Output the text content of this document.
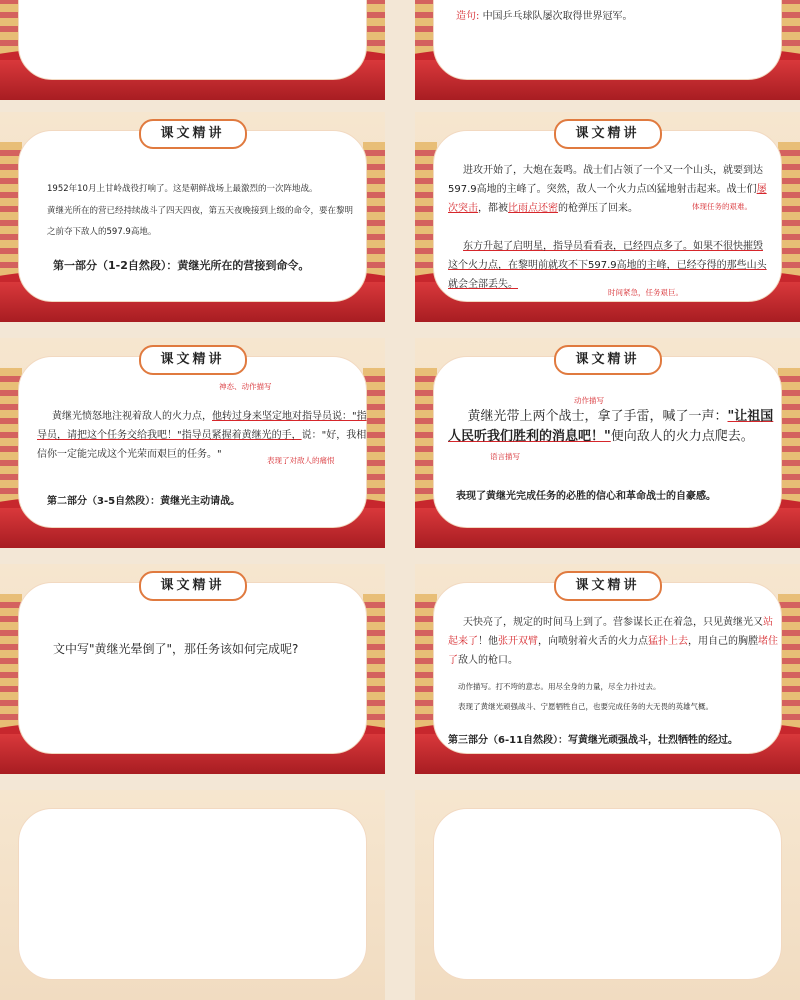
造句: 中国乒乓球队屡次取得世界冠军。
课文精讲
1952年10月上甘岭战役打响了。这是朝鲜战场上最激烈的一次阵地战。
黄继光所在的营已经持续战斗了四天四夜，第五天夜晚接到上级的命令，要在黎明之前夺下敌人的597.9高地。
第一部分（1-2自然段）：黄继光所在的营接到命令。
课文精讲
进攻开始了，大炮在轰鸣。战士们占领了一个又一个山头，就要到达597.9高地的主峰了。突然，敌人一个火力点凶猛地射击起来。战士们屡次突击，都被比雨点还密的枪弹压了回来。
东方升起了启明星，指导员看看表，已经四点多了。如果不很快摧毁这个火力点，在黎明前就攻不下597.9高地的主峰，已经夺得的那些山头就会全部丢失。
体现任务的艰难。
时间紧急，任务艰巨。
课文精讲
神态、动作描写
黄继光愤怒地注视着敌人的火力点，他转过身来坚定地对指导员说："指导员，请把这个任务交给我吧！"指导员紧握着黄继光的手，说："好，我相信你一定能完成这个光荣而艰巨的任务。"
表现了对敌人的痛恨
第二部分（3-5自然段）：黄继光主动请战。
课文精讲
动作描写
黄继光带上两个战士，拿了手雷，喊了一声："让祖国人民听我们胜利的消息吧！"便向敌人的火力点爬去。
语言描写
表现了黄继光完成任务的必胜的信心和革命战士的自豪感。
课文精讲
文中写"黄继光晕倒了"，那任务该如何完成呢?
课文精讲
天快亮了，规定的时间马上到了。营参谋长正在着急，只见黄继光又站起来了！他张开双臂，向喷射着火舌的火力点猛扑上去，用自己的胸膛堵住了敌人的枪口。
动作描写。打不垮的意志。用尽全身的力量，尽全力扑过去。
表现了黄继光顽强战斗、宁愿牺牲自己，也要完成任务的大无畏的英雄气概。
第三部分（6-11自然段）：写黄继光顽强战斗，壮烈牺牲的经过。
